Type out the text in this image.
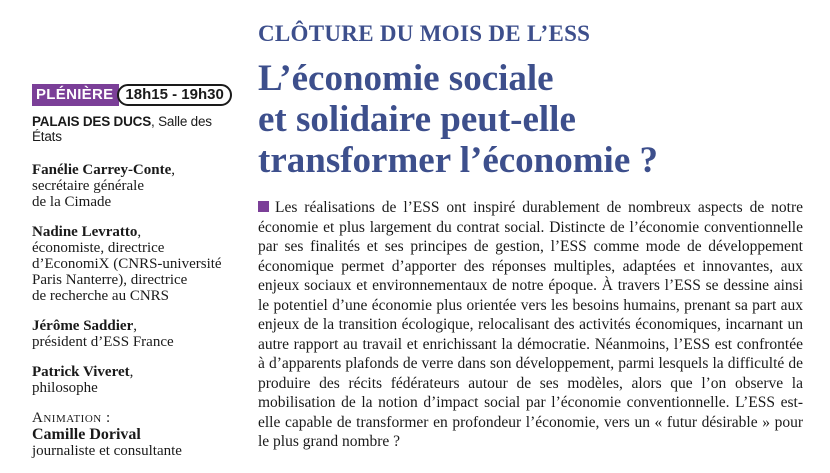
PLÉNIÈRE 18h15 - 19h30
PALAIS DES DUCS, Salle des États
Fanélie Carrey-Conte,
secrétaire générale
de la Cimade
Nadine Levratto,
économiste, directrice
d’EconomiX (CNRS-université
Paris Nanterre), directrice
de recherche au CNRS
Jérôme Saddier,
président d’ESS France
Patrick Viveret,
philosophe
Animation :
Camille Dorival
journaliste et consultante
CLÔTURE DU MOIS DE L’ESS
L’économie sociale
et solidaire peut-elle
transformer l’économie ?

Les réalisations de l’ESS ont inspiré durablement de nombreux aspects de notre économie et plus largement du contrat social. Distincte de l’économie conventionnelle par ses finalités et ses principes de gestion, l’ESS comme mode de développement économique permet d’apporter des réponses multiples, adaptées et innovantes, aux enjeux sociaux et environnementaux de notre époque. À travers l’ESS se dessine ainsi le potentiel d’une économie plus orientée vers les besoins humains, prenant sa part aux enjeux de la transition écologique, relocalisant des activités économiques, incarnant un autre rapport au travail et enrichissant la démocratie. Néanmoins, l’ESS est confrontée à d’apparents plafonds de verre dans son développement, parmi lesquels la difficulté de produire des récits fédérateurs autour de ses modèles, alors que l’on observe la mobilisation de la notion d’impact social par l’économie conventionnelle. L’ESS est-elle capable de transformer en profondeur l’économie, vers un « futur désirable » pour le plus grand nombre ?
